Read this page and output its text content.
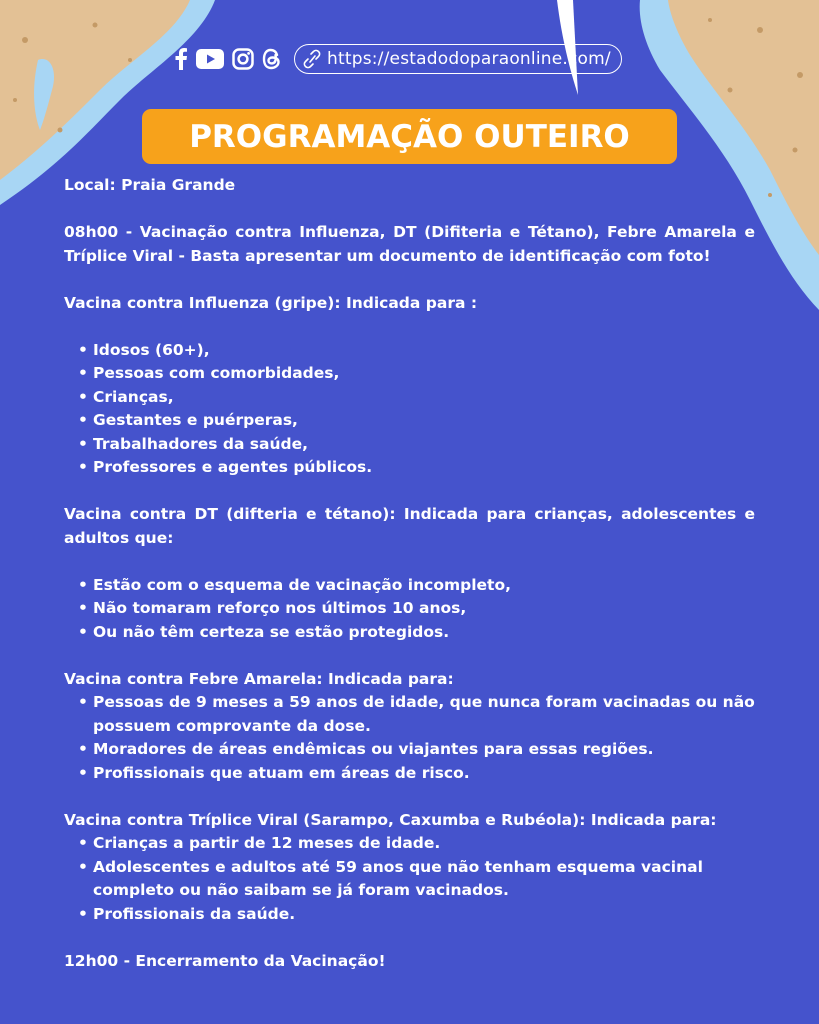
https://estadodoparaonline.com/
PROGRAMAÇÃO OUTEIRO

Local: Praia Grande

08h00 - Vacinação contra Influenza, DT (Difiteria e Tétano), Febre Amarela e Tríplice Viral - Basta apresentar um documento de identificação com foto!

Vacina contra Influenza (gripe): Indicada para :

• Idosos (60+),
• Pessoas com comorbidades,
• Crianças,
• Gestantes e puérperas,
• Trabalhadores da saúde,
• Professores e agentes públicos.

Vacina contra DT (difteria e tétano): Indicada para crianças, adolescentes e adultos que:

• Estão com o esquema de vacinação incompleto,
• Não tomaram reforço nos últimos 10 anos,
• Ou não têm certeza se estão protegidos.

Vacina contra Febre Amarela: Indicada para:

• Pessoas de 9 meses a 59 anos de idade, que nunca foram vacinadas ou não possuem comprovante da dose.
• Moradores de áreas endêmicas ou viajantes para essas regiões.
• Profissionais que atuam em áreas de risco.

Vacina contra Tríplice Viral (Sarampo, Caxumba e Rubéola): Indicada para:

• Crianças a partir de 12 meses de idade.
• Adolescentes e adultos até 59 anos que não tenham esquema vacinal completo ou não saibam se já foram vacinados.
• Profissionais da saúde.

12h00 - Encerramento da Vacinação!
